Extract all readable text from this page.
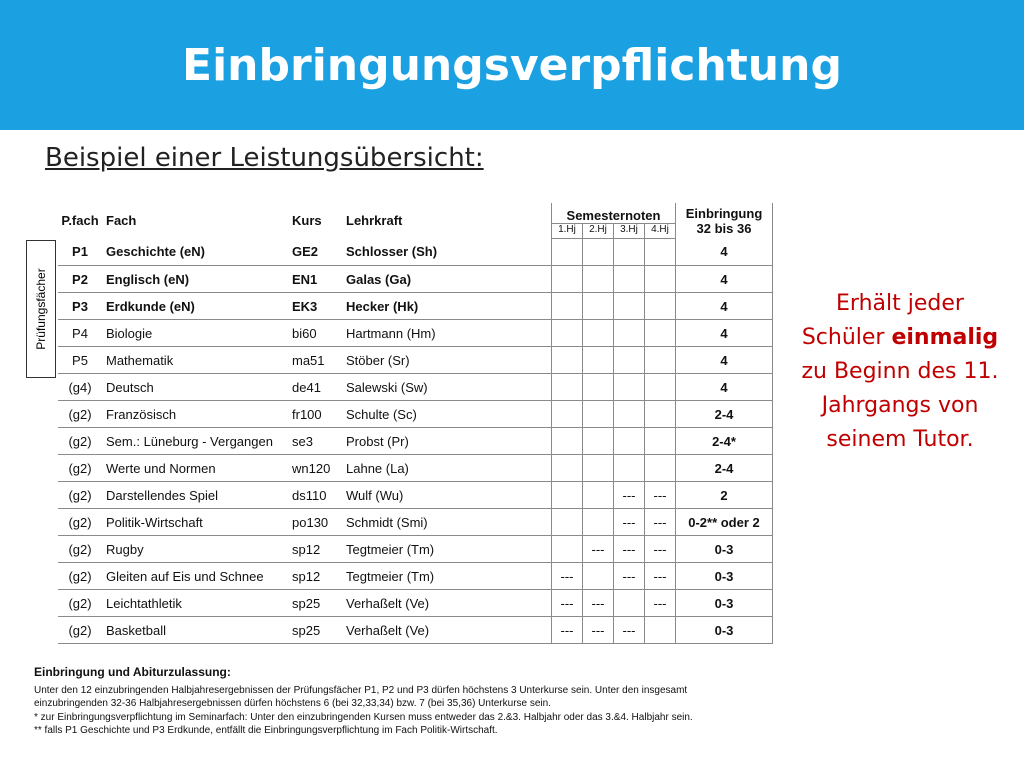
Einbringungsverpflichtung
Beispiel einer Leistungsübersicht:
Prüfungsfächer
P.fach	Fach	Kurs	Lehrkraft	Semesternoten				Einbringung
32 bis 36
				1.Hj	2.Hj	3.Hj	4.Hj	
P1	Geschichte (eN)	GE2	Schlosser (Sh)					4
P2	Englisch (eN)	EN1	Galas (Ga)					4
P3	Erdkunde (eN)	EK3	Hecker (Hk)					4
P4	Biologie	bi60	Hartmann (Hm)					4
P5	Mathematik	ma51	Stöber (Sr)					4
(g4)	Deutsch	de41	Salewski (Sw)					4
(g2)	Französisch	fr100	Schulte (Sc)					2-4
(g2)	Sem.: Lüneburg - Vergangen	se3	Probst (Pr)					2-4*
(g2)	Werte und Normen	wn120	Lahne (La)					2-4
(g2)	Darstellendes Spiel	ds110	Wulf (Wu)			---	---	2
(g2)	Politik-Wirtschaft	po130	Schmidt (Smi)			---	---	0-2** oder 2
(g2)	Rugby	sp12	Tegtmeier (Tm)		---	---	---	0-3
(g2)	Gleiten auf Eis und Schnee	sp12	Tegtmeier (Tm)	---		---	---	0-3
(g2)	Leichtathletik	sp25	Verhaßelt (Ve)	---	---		---	0-3
(g2)	Basketball	sp25	Verhaßelt (Ve)	---	---	---		0-3
Erhält jeder Schüler einmalig zu Beginn des 11. Jahrgangs von seinem Tutor.
Einbringung und Abiturzulassung:
Unter den 12 einzubringenden Halbjahresergebnissen der Prüfungsfächer P1, P2 und P3 dürfen höchstens 3 Unterkurse sein. Unter den insgesamt
einzubringenden 32-36 Halbjahresergebnissen dürfen höchstens 6 (bei 32,33,34) bzw. 7 (bei 35,36) Unterkurse sein.
* zur Einbringungsverpflichtung im Seminarfach: Unter den einzubringenden Kursen muss entweder das 2.&3. Halbjahr oder das 3.&4. Halbjahr sein.
** falls P1 Geschichte und P3 Erdkunde, entfällt die Einbringungsverpflichtung im Fach Politik-Wirtschaft.
